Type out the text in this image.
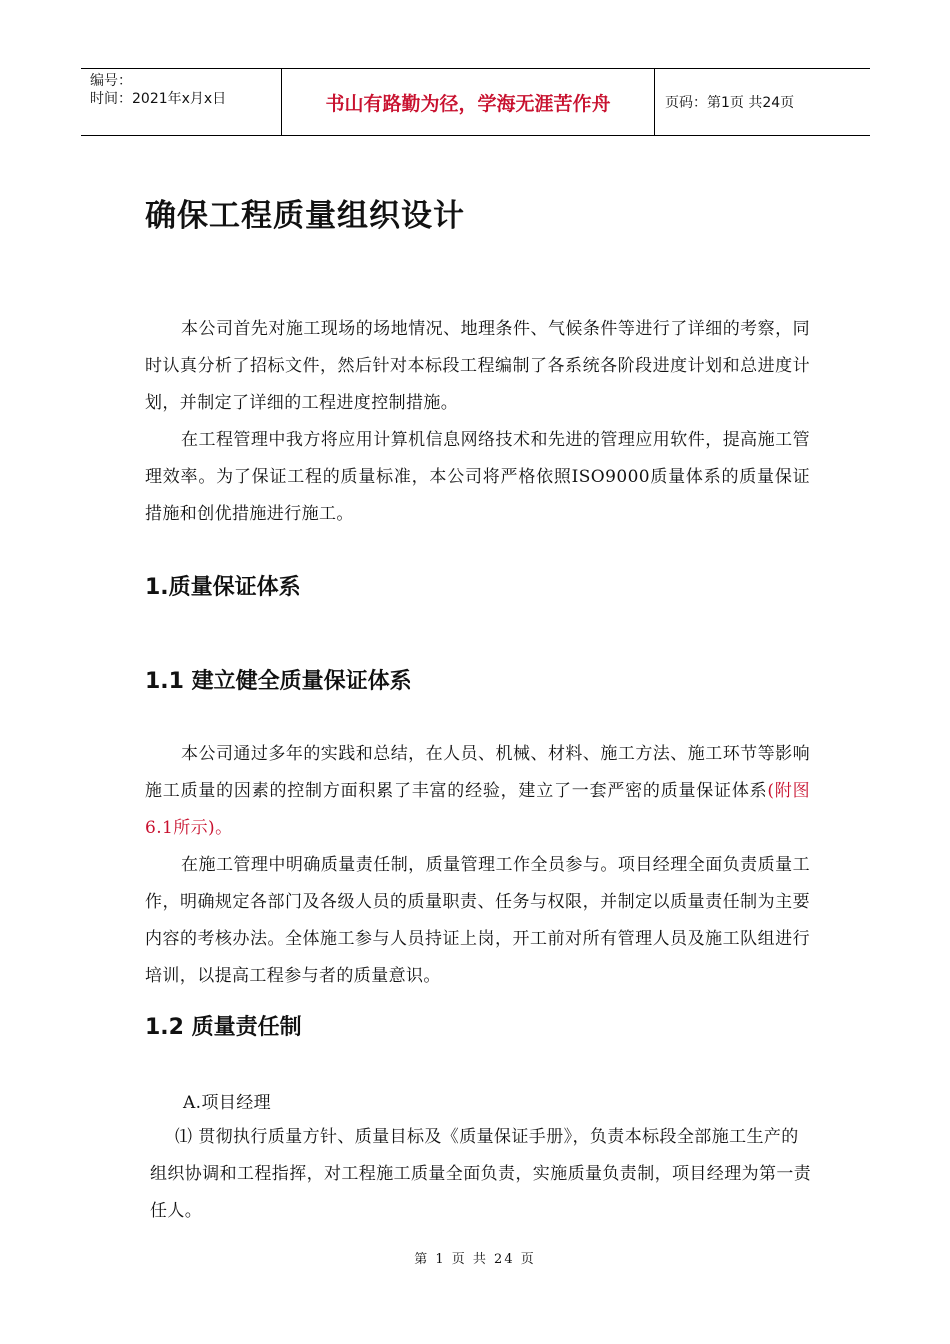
编号：
时间：2021年x月x日	书山有路勤为径，学海无涯苦作舟	页码：第1页 共24页
确保工程质量组织设计

本公司首先对施工现场的场地情况、地理条件、气候条件等进行了详细的考察，同时认真分析了招标文件，然后针对本标段工程编制了各系统各阶段进度计划和总进度计划，并制定了详细的工程进度控制措施。

在工程管理中我方将应用计算机信息网络技术和先进的管理应用软件，提高施工管理效率。为了保证工程的质量标准，本公司将严格依照ISO9000质量体系的质量保证措施和创优措施进行施工。

1.质量保证体系
1.1 建立健全质量保证体系

本公司通过多年的实践和总结，在人员、机械、材料、施工方法、施工环节等影响施工质量的因素的控制方面积累了丰富的经验，建立了一套严密的质量保证体系(附图6.1所示)。

在施工管理中明确质量责任制，质量管理工作全员参与。项目经理全面负责质量工作，明确规定各部门及各级人员的质量职责、任务与权限，并制定以质量责任制为主要内容的考核办法。全体施工参与人员持证上岗，开工前对所有管理人员及施工队组进行培训，以提高工程参与者的质量意识。

1.2 质量责任制

A.项目经理

⑴ 贯彻执行质量方针、质量目标及《质量保证手册》，负责本标段全部施工生产的组织协调和工程指挥，对工程施工质量全面负责，实施质量负责制，项目经理为第一责任人。

第 1 页 共 24 页
